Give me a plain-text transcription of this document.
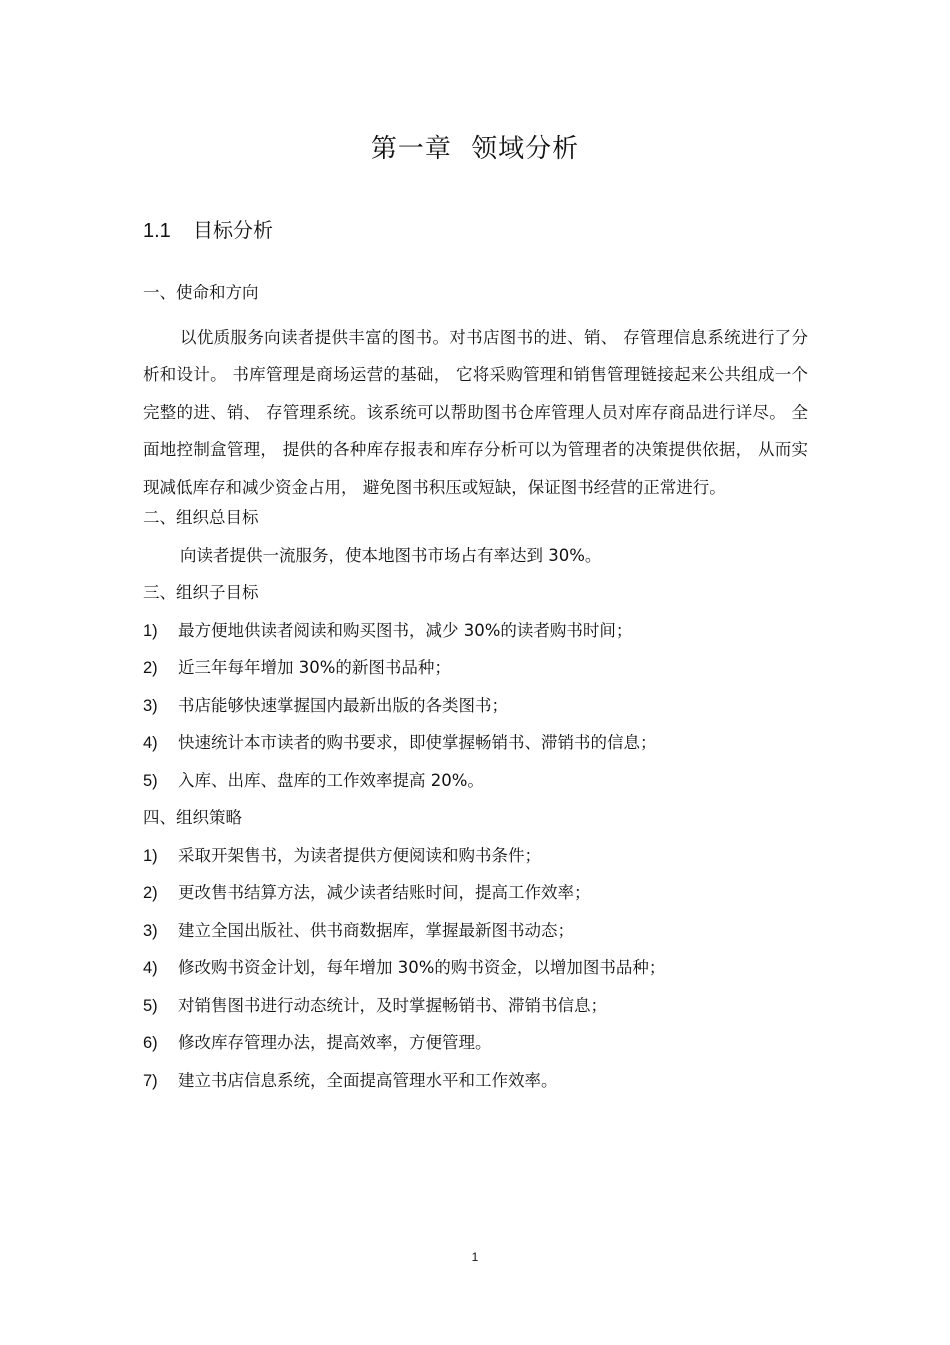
第一章 领域分析
1.1 目标分析
一、使命和方向

以优质服务向读者提供丰富的图书。对书店图书的进、销、 存管理信息系统进行了分析和设计。 书库管理是商场运营的基础， 它将采购管理和销售管理链接起来公共组成一个完整的进、销、 存管理系统。该系统可以帮助图书仓库管理人员对库存商品进行详尽。 全面地控制盒管理， 提供的各种库存报表和库存分析可以为管理者的决策提供依据， 从而实现减低库存和减少资金占用， 避免图书积压或短缺，保证图书经营的正常进行。

二、组织总目标
向读者提供一流服务，使本地图书市场占有率达到 30%。
三、组织子目标
1)	最方便地供读者阅读和购买图书，减少 30%的读者购书时间；
2)	近三年每年增加 30%的新图书品种；
3)	书店能够快速掌握国内最新出版的各类图书；
4)	快速统计本市读者的购书要求，即使掌握畅销书、滞销书的信息；
5)	入库、出库、盘库的工作效率提高 20%。
四、组织策略
1)	采取开架售书，为读者提供方便阅读和购书条件；
2)	更改售书结算方法，减少读者结账时间，提高工作效率；
3)	建立全国出版社、供书商数据库，掌握最新图书动态；
4)	修改购书资金计划，每年增加 30%的购书资金，以增加图书品种；
5)	对销售图书进行动态统计，及时掌握畅销书、滞销书信息；
6)	修改库存管理办法，提高效率，方便管理。
7)	建立书店信息系统，全面提高管理水平和工作效率。
1
